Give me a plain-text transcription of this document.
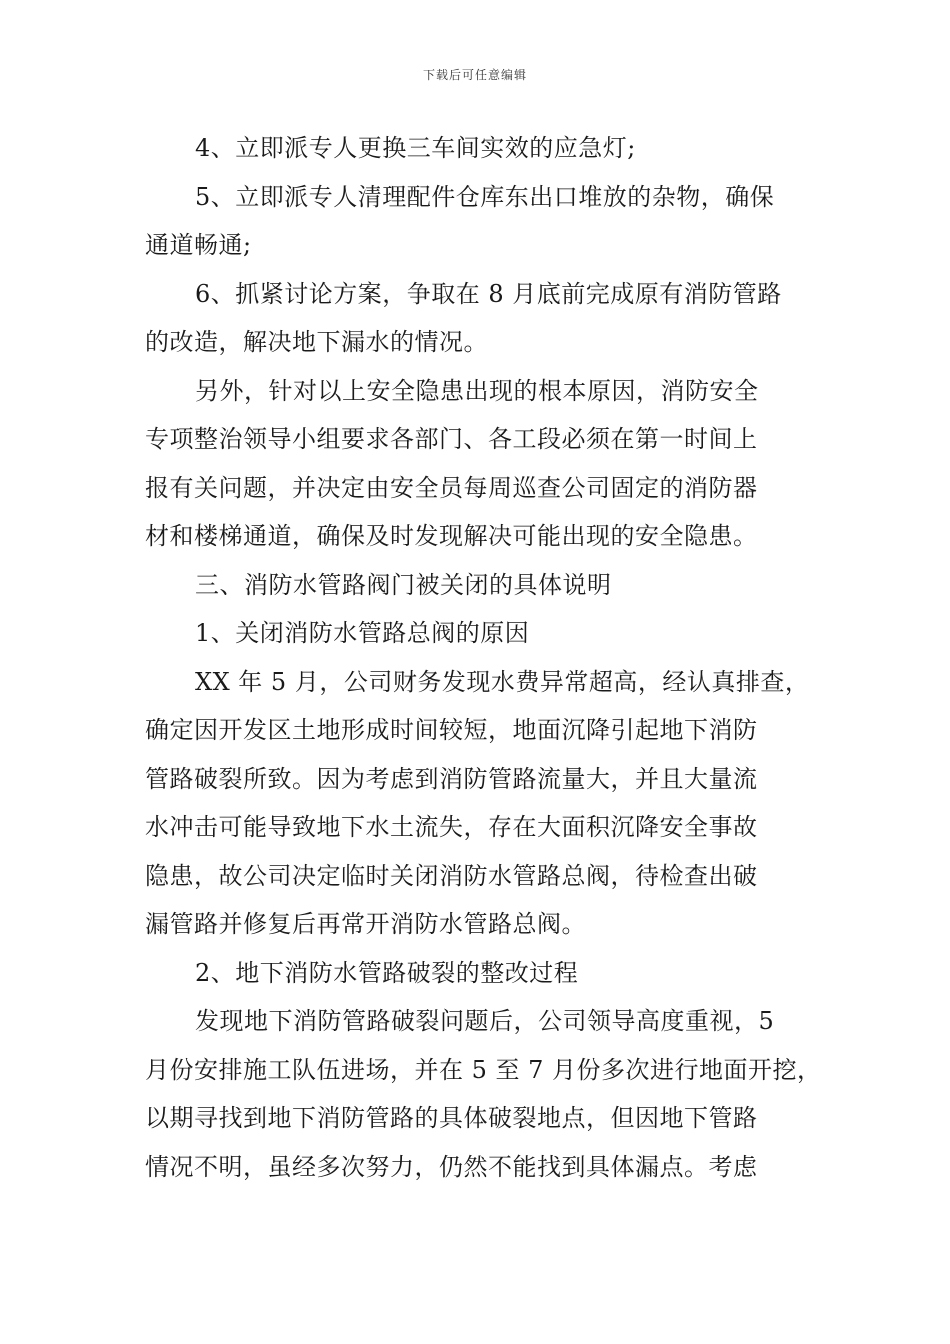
下载后可任意编辑
4、立即派专人更换三车间实效的应急灯;
5、立即派专人清理配件仓库东出口堆放的杂物，确保
通道畅通;
6、抓紧讨论方案，争取在 8 月底前完成原有消防管路
的改造，解决地下漏水的情况。
另外，针对以上安全隐患出现的根本原因，消防安全
专项整治领导小组要求各部门、各工段必须在第一时间上
报有关问题，并决定由安全员每周巡查公司固定的消防器
材和楼梯通道，确保及时发现解决可能出现的安全隐患。
三、消防水管路阀门被关闭的具体说明
1、关闭消防水管路总阀的原因
XX 年 5 月，公司财务发现水费异常超高，经认真排查，
确定因开发区土地形成时间较短，地面沉降引起地下消防
管路破裂所致。因为考虑到消防管路流量大，并且大量流
水冲击可能导致地下水土流失，存在大面积沉降安全事故
隐患，故公司决定临时关闭消防水管路总阀，待检查出破
漏管路并修复后再常开消防水管路总阀。
2、地下消防水管路破裂的整改过程
发现地下消防管路破裂问题后，公司领导高度重视，5
月份安排施工队伍进场，并在 5 至 7 月份多次进行地面开挖，
以期寻找到地下消防管路的具体破裂地点，但因地下管路
情况不明，虽经多次努力，仍然不能找到具体漏点。考虑
